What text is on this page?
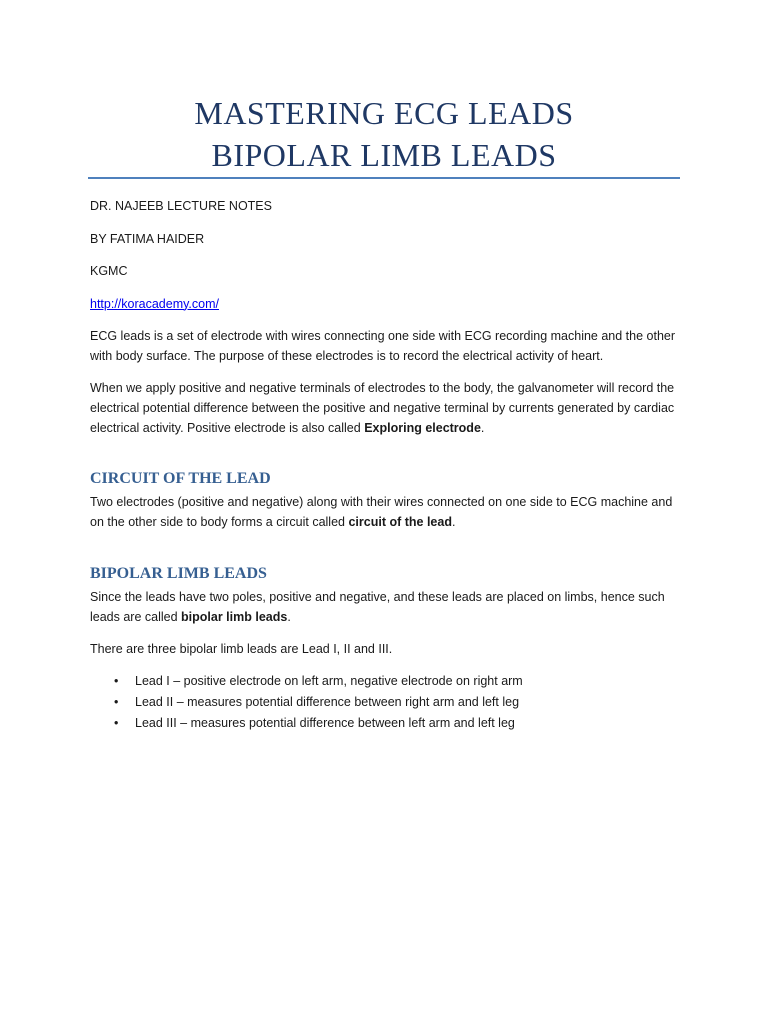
MASTERING ECG LEADS
BIPOLAR LIMB LEADS

DR. NAJEEB LECTURE NOTES

BY FATIMA HAIDER

KGMC

http://koracademy.com/

ECG leads is a set of electrode with wires connecting one side with ECG recording machine and the other with body surface. The purpose of these electrodes is to record the electrical activity of heart.

When we apply positive and negative terminals of electrodes to the body, the galvanometer will record the electrical potential difference between the positive and negative terminal by currents generated by cardiac electrical activity. Positive electrode is also called Exploring electrode.

CIRCUIT OF THE LEAD

Two electrodes (positive and negative) along with their wires connected on one side to ECG machine and on the other side to body forms a circuit called circuit of the lead.

BIPOLAR LIMB LEADS

Since the leads have two poles, positive and negative, and these leads are placed on limbs, hence such leads are called bipolar limb leads.

There are three bipolar limb leads are Lead I, II and III.

• Lead I – positive electrode on left arm, negative electrode on right arm
• Lead II – measures potential difference between right arm and left leg
• Lead III – measures potential difference between left arm and left leg
